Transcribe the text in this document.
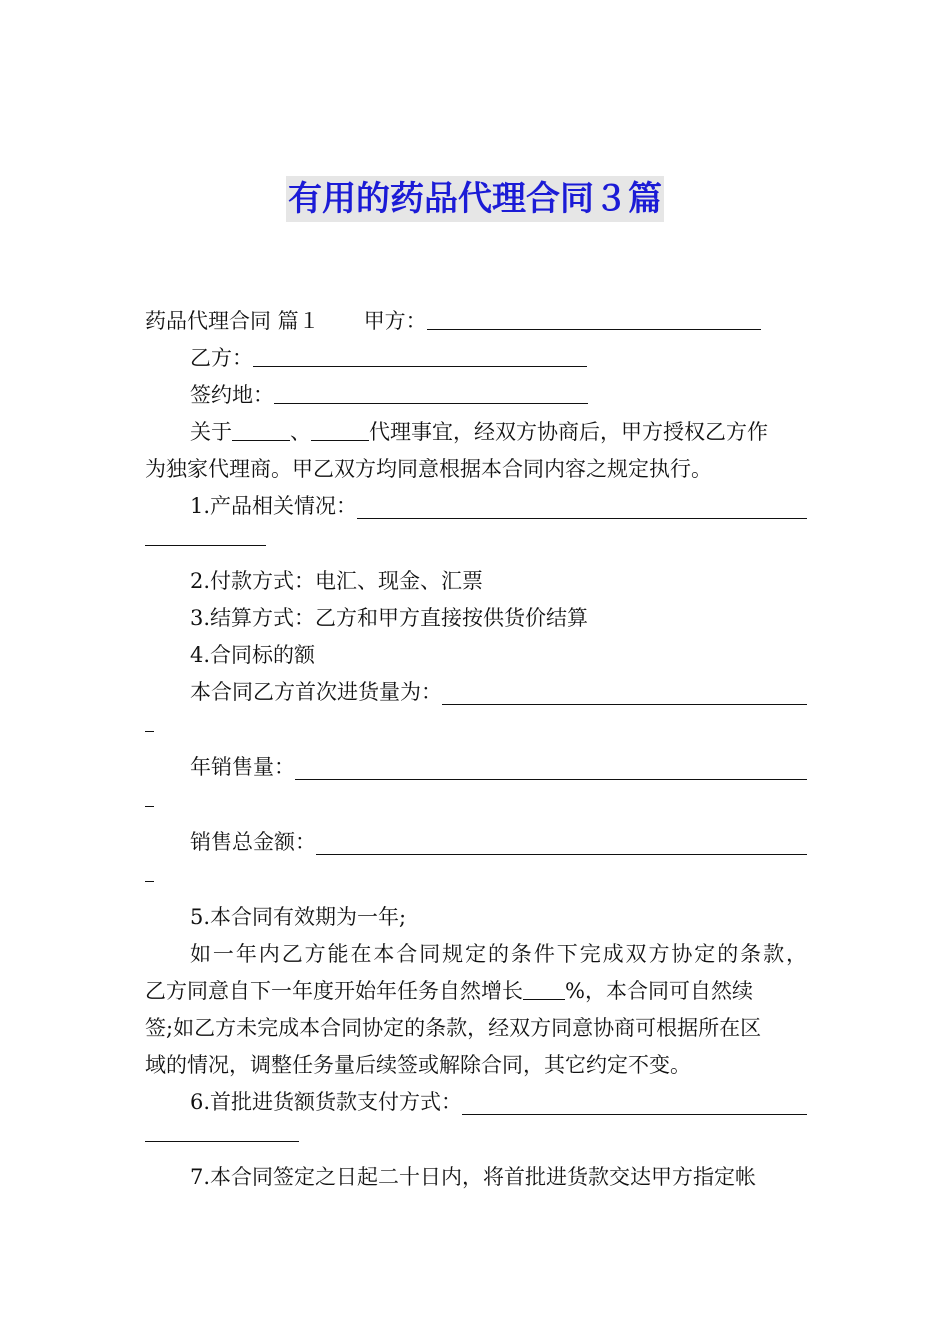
有用的药品代理合同３篇
药品代理合同 篇１ 甲方：
乙方：
签约地：
关于	、	代理事宜，经双方协商后，甲方授权乙方作
为独家代理商。甲乙双方均同意根据本合同内容之规定执行。
1.产品相关情况：
2.付款方式：电汇、现金、汇票
3.结算方式：乙方和甲方直接按供货价结算
4.合同标的额
本合同乙方首次进货量为：
年销售量：
销售总金额：
5.本合同有效期为一年;
如一年内乙方能在本合同规定的条件下完成双方协定的条款，
乙方同意自下一年度开始年任务自然增长 %，本合同可自然续
签;如乙方未完成本合同协定的条款，经双方同意协商可根据所在区
域的情况，调整任务量后续签或解除合同，其它约定不变。
6.首批进货额货款支付方式：
7.本合同签定之日起二十日内，将首批进货款交达甲方指定帐
